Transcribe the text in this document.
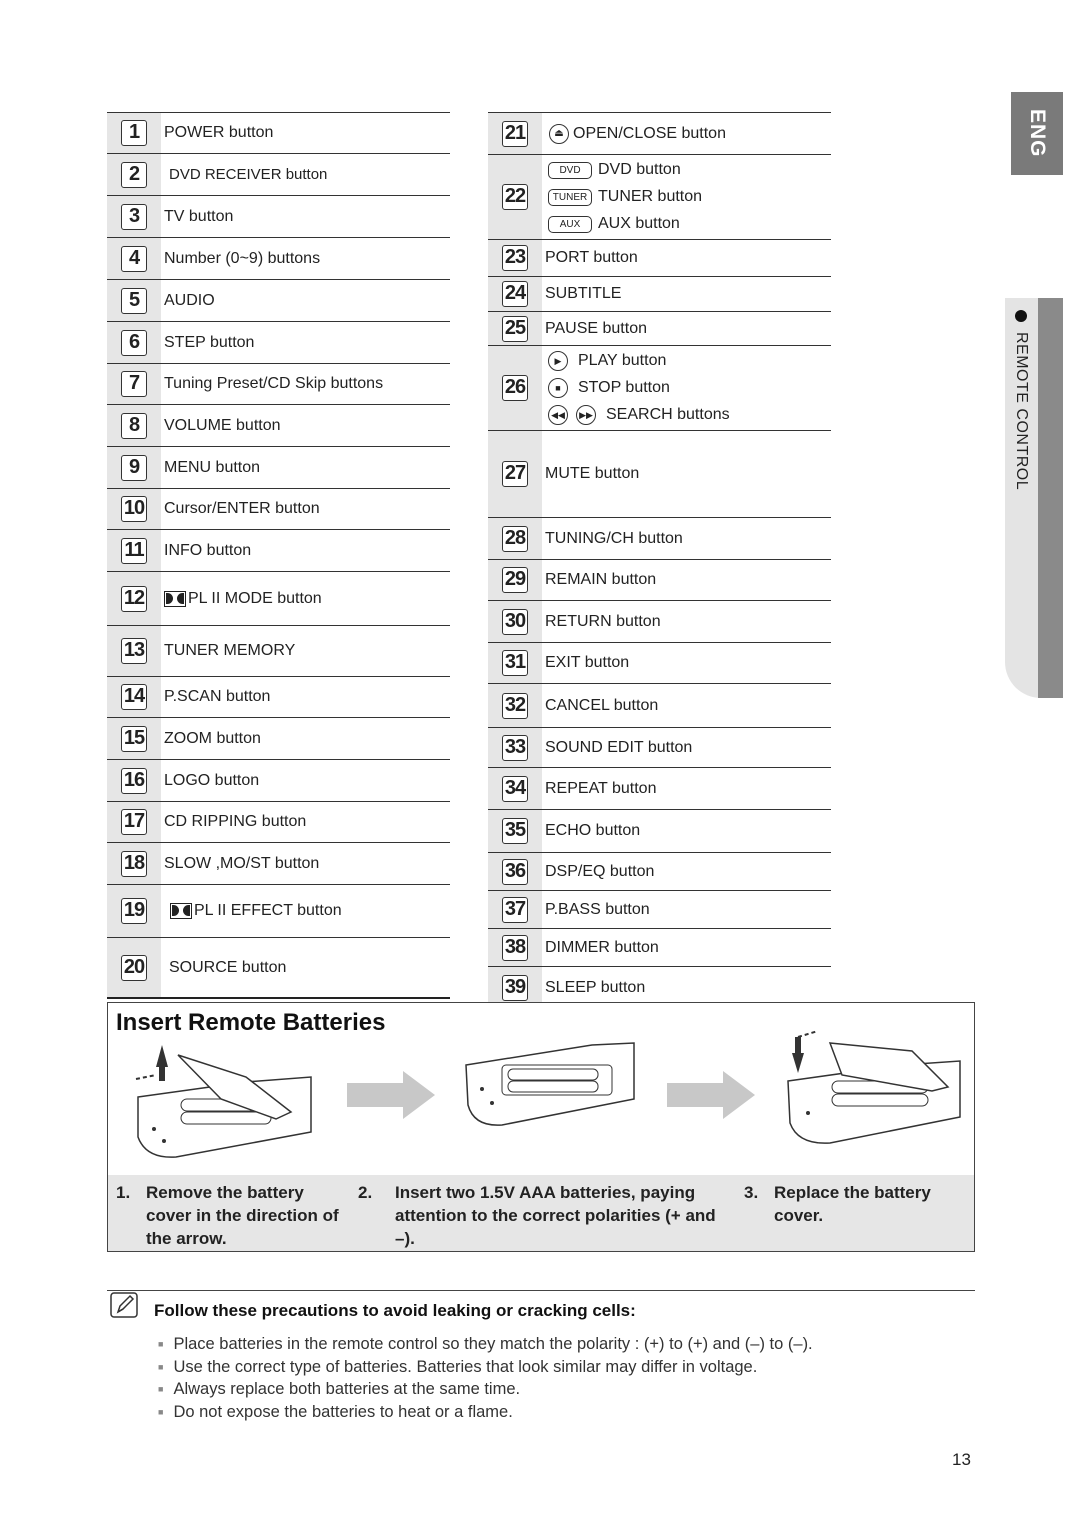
ENG
REMOTE CONTROL
1	POWER button
2	DVD RECEIVER button
3	TV button
4	Number (0~9) buttons
5	AUDIO
6	STEP button
7	Tuning Preset/CD Skip buttons
8	VOLUME button
9	MENU button
10 Cursor/ENTER button
11 INFO button
12	PL II MODE button
13 TUNER MEMORY
14 P.SCAN button
15 ZOOM button
16 LOGO button
17 CD RIPPING button
18 SLOW ,MO/ST button
19	PL II EFFECT button
20 SOURCE button
21	⏏ OPEN/CLOSE button
22
DVD	DVD button
TUNER TUNER button
AUX	AUX button
23 PORT button
24 SUBTITLE
25 PAUSE button
26
▶	PLAY button
■	STOP button
◀◀	▶▶ SEARCH buttons
27 MUTE button
28 TUNING/CH button
29 REMAIN button
30 RETURN button
31 EXIT button
32 CANCEL button
33 SOUND EDIT button
34 REPEAT button
35 ECHO button
36 DSP/EQ button
37 P.BASS button
38 DIMMER button
39 SLEEP button
Insert Remote Batteries
1. Remove the battery cover in the direction of the arrow.
2.	Insert two 1.5V AAA batteries, paying attention to the correct polarities (+ and –).
3. Replace the battery cover.
Follow these precautions to avoid leaking or cracking cells:
■ Place batteries in the remote control so they match the polarity : (+) to (+) and (–) to (–).
■ Use the correct type of batteries. Batteries that look similar may differ in voltage.
■ Always replace both batteries at the same time.
■ Do not expose the batteries to heat or a flame.
13
